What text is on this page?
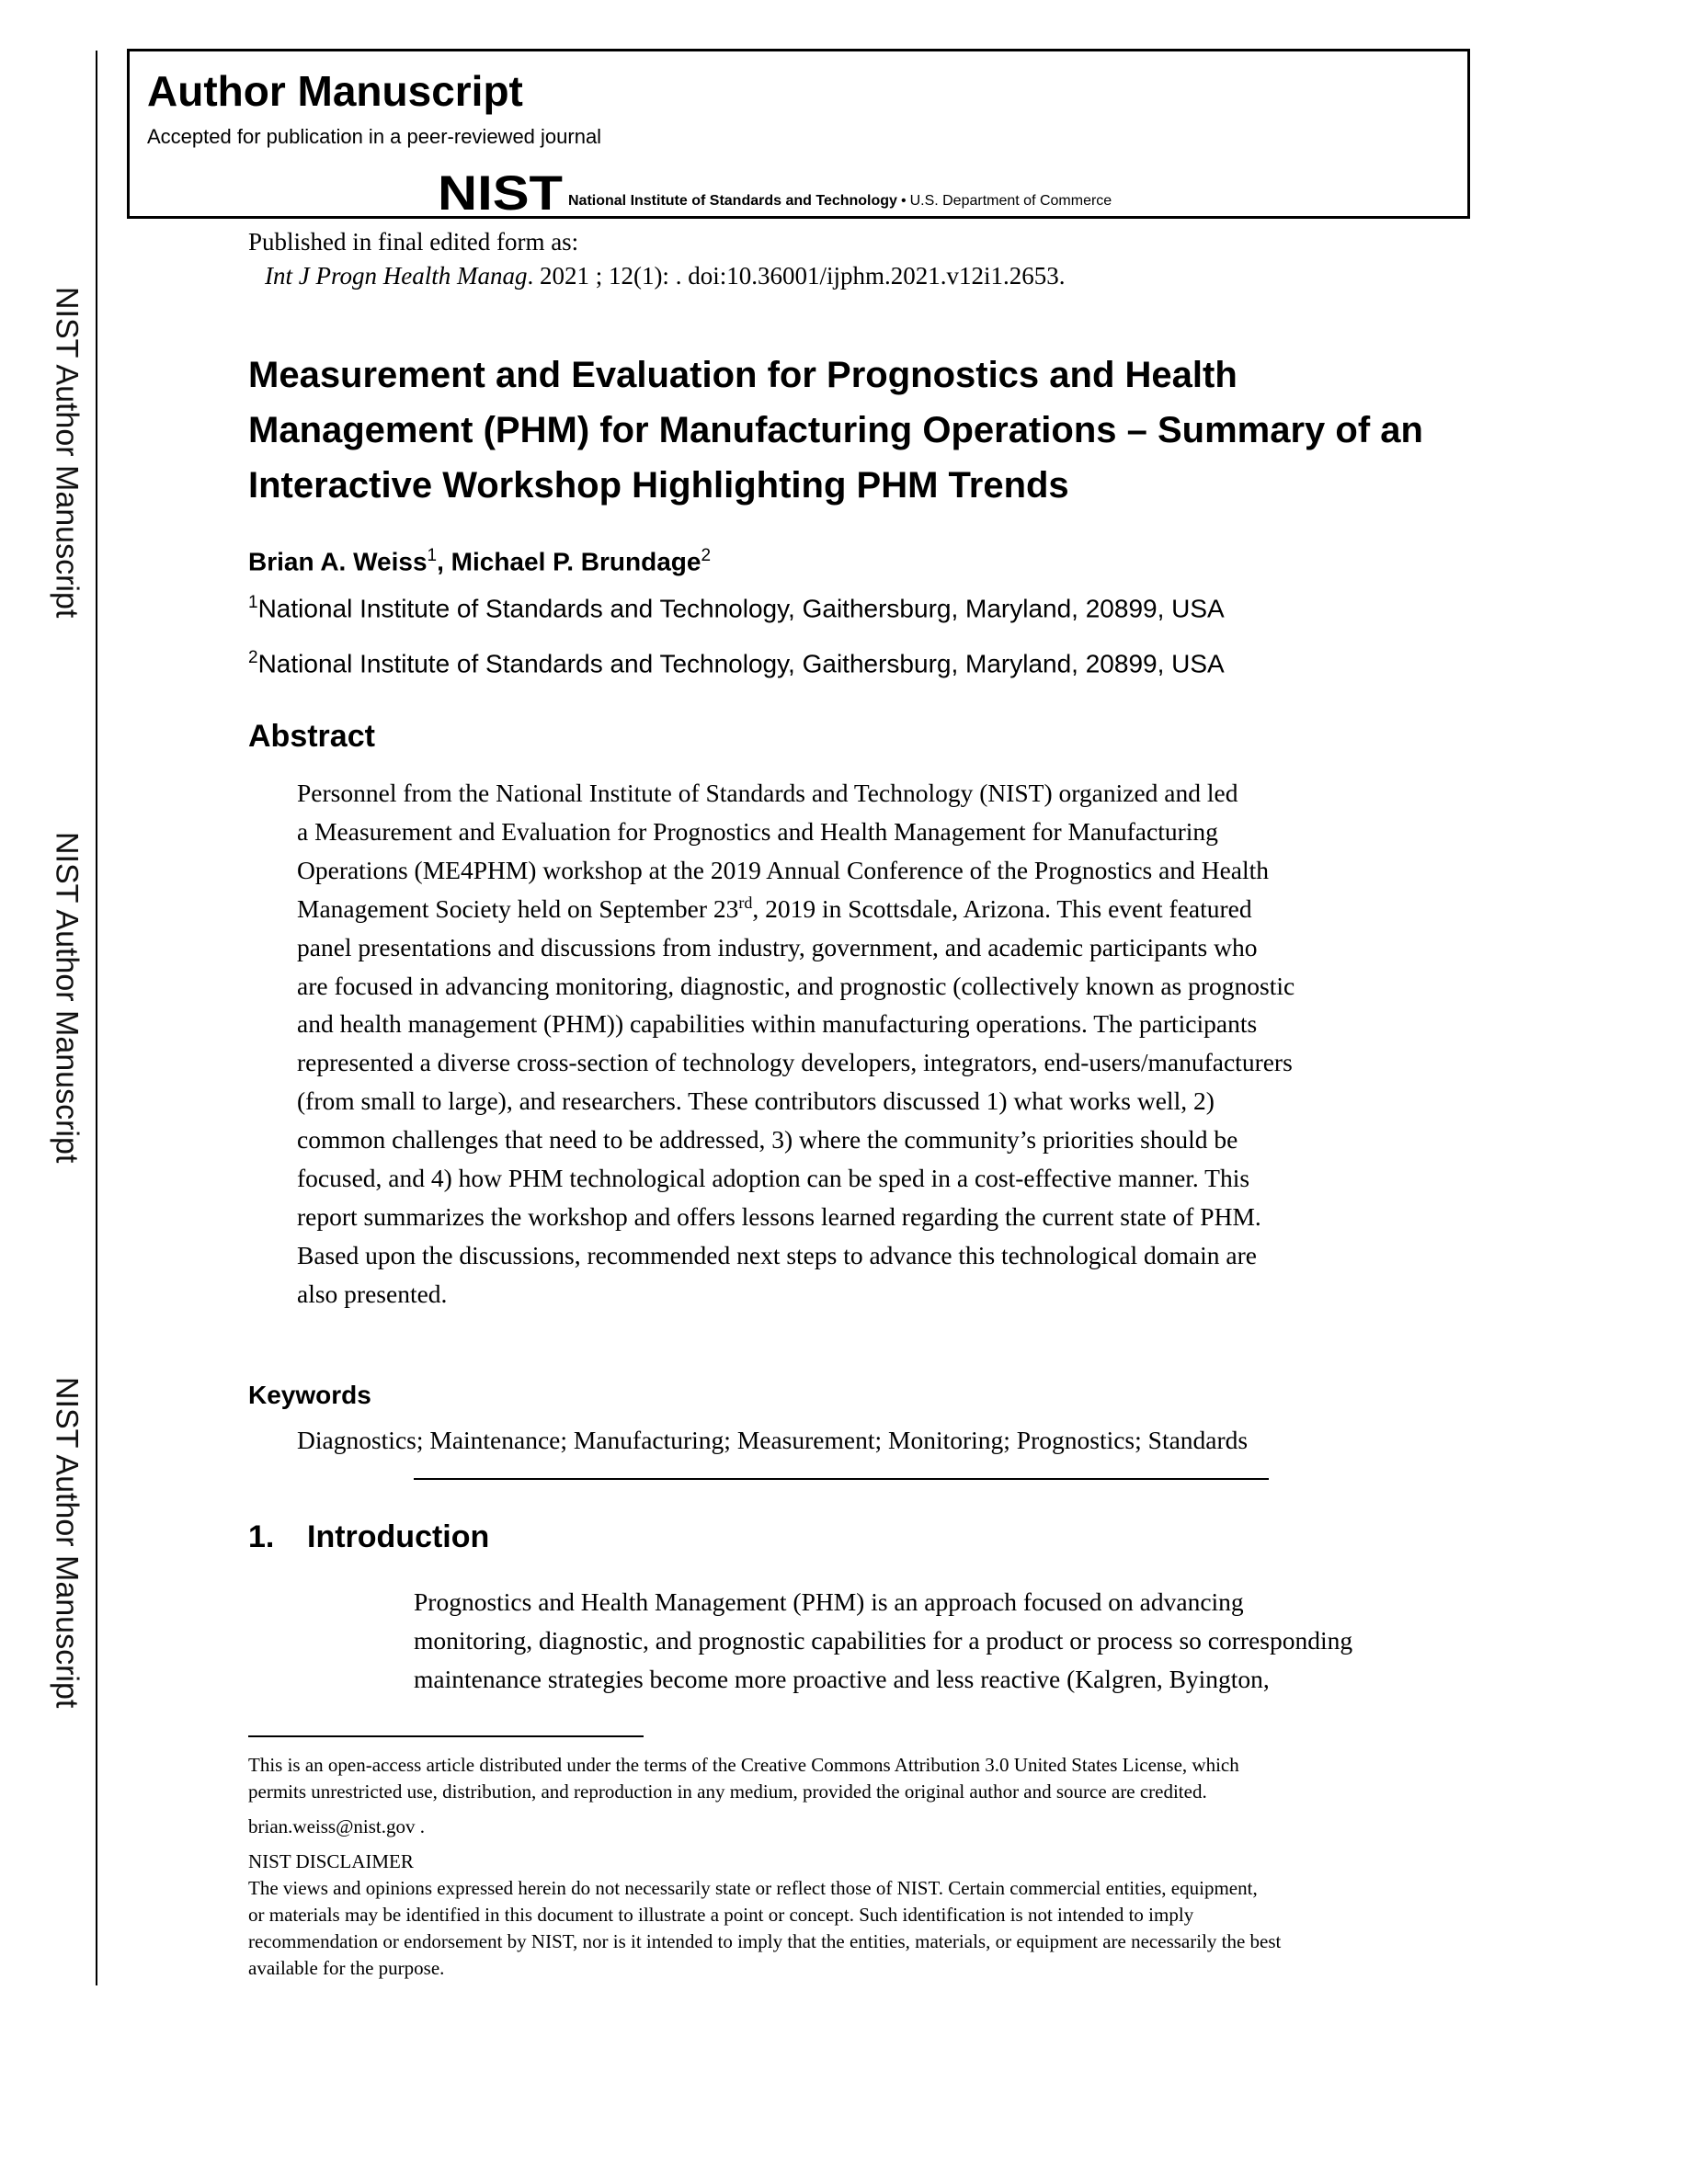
NIST Author Manuscript
NIST Author Manuscript
NIST Author Manuscript
Author Manuscript
Accepted for publication in a peer-reviewed journal
NIST National Institute of Standards and Technology • U.S. Department of Commerce
Published in final edited form as:
Int J Progn Health Manag. 2021 ; 12(1): . doi:10.36001/ijphm.2021.v12i1.2653.
Measurement and Evaluation for Prognostics and Health Management (PHM) for Manufacturing Operations – Summary of an Interactive Workshop Highlighting PHM Trends
Brian A. Weiss$^1$, Michael P. Brundage$^2$
$^1$National Institute of Standards and Technology, Gaithersburg, Maryland, 20899, USA
$^2$National Institute of Standards and Technology, Gaithersburg, Maryland, 20899, USA
Abstract
Personnel from the National Institute of Standards and Technology (NIST) organized and led
a Measurement and Evaluation for Prognostics and Health Management for Manufacturing
Operations (ME4PHM) workshop at the 2019 Annual Conference of the Prognostics and Health
Management Society held on September 23rd, 2019 in Scottsdale, Arizona. This event featured
panel presentations and discussions from industry, government, and academic participants who
are focused in advancing monitoring, diagnostic, and prognostic (collectively known as prognostic
and health management (PHM)) capabilities within manufacturing operations. The participants
represented a diverse cross-section of technology developers, integrators, end-users/manufacturers
(from small to large), and researchers. These contributors discussed 1) what works well, 2)
common challenges that need to be addressed, 3) where the community’s priorities should be
focused, and 4) how PHM technological adoption can be sped in a cost-effective manner. This
report summarizes the workshop and offers lessons learned regarding the current state of PHM.
Based upon the discussions, recommended next steps to advance this technological domain are
also presented.
Keywords
Diagnostics; Maintenance; Manufacturing; Measurement; Monitoring; Prognostics; Standards
1. Introduction
Prognostics and Health Management (PHM) is an approach focused on advancing
monitoring, diagnostic, and prognostic capabilities for a product or process so corresponding
maintenance strategies become more proactive and less reactive (Kalgren, Byington,
This is an open-access article distributed under the terms of the Creative Commons Attribution 3.0 United States License, which
permits unrestricted use, distribution, and reproduction in any medium, provided the original author and source are credited.
brian.weiss@nist.gov .
NIST DISCLAIMER
The views and opinions expressed herein do not necessarily state or reflect those of NIST. Certain commercial entities, equipment,
or materials may be identified in this document to illustrate a point or concept. Such identification is not intended to imply
recommendation or endorsement by NIST, nor is it intended to imply that the entities, materials, or equipment are necessarily the best
available for the purpose.
